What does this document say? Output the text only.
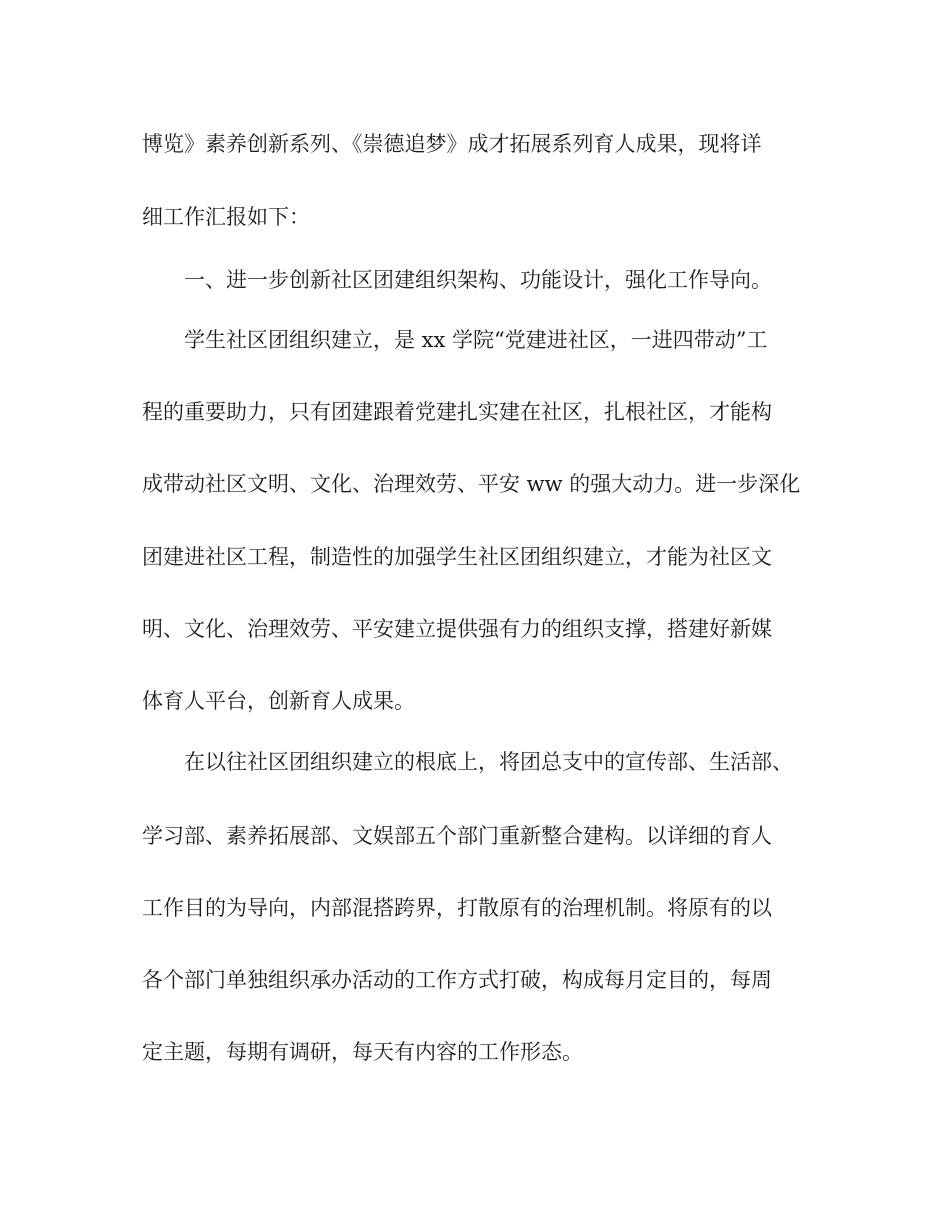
博览》素养创新系列、《崇德追梦》成才拓展系列育人成果，现将详
细工作汇报如下：
一、进一步创新社区团建组织架构、功能设计，强化工作导向。
学生社区团组织建立，是 xx 学院“党建进社区，一进四带动”工
程的重要助力，只有团建跟着党建扎实建在社区，扎根社区，才能构
成带动社区文明、文化、治理效劳、平安 ww 的强大动力。进一步深化
团建进社区工程，制造性的加强学生社区团组织建立，才能为社区文
明、文化、治理效劳、平安建立提供强有力的组织支撑，搭建好新媒
体育人平台，创新育人成果。
在以往社区团组织建立的根底上，将团总支中的宣传部、生活部、
学习部、素养拓展部、文娱部五个部门重新整合建构。以详细的育人
工作目的为导向，内部混搭跨界，打散原有的治理机制。将原有的以
各个部门单独组织承办活动的工作方式打破，构成每月定目的，每周
定主题，每期有调研，每天有内容的工作形态。
